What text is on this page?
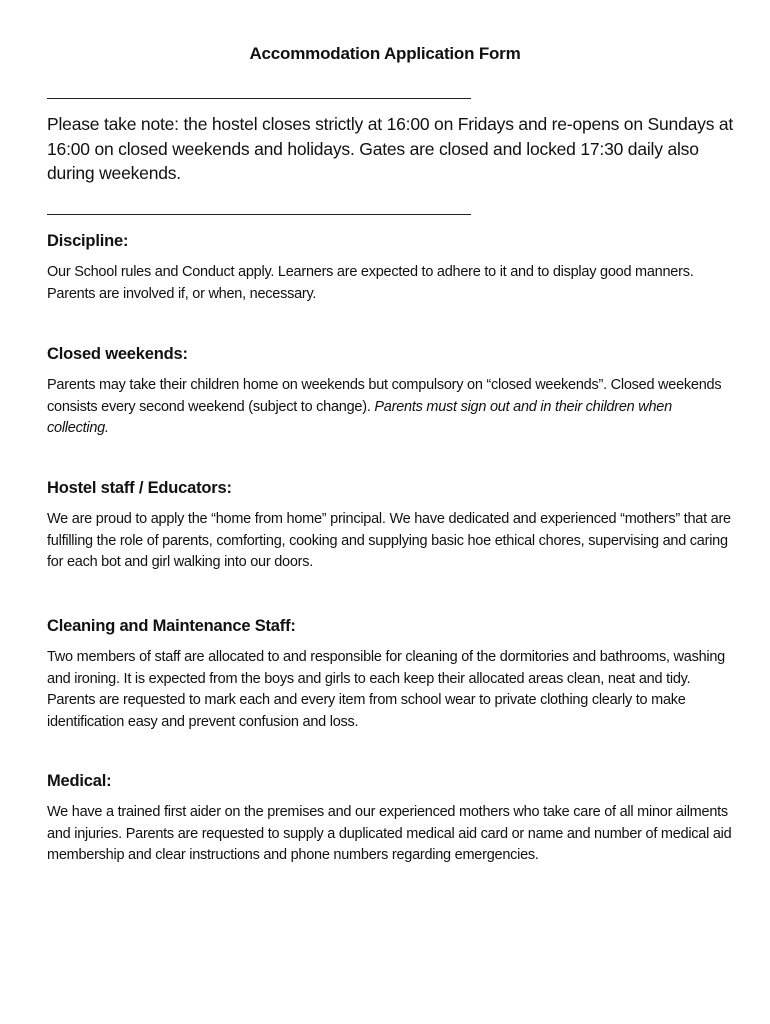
Accommodation Application Form

Please take note: the hostel closes strictly at 16:00 on Fridays and re-opens on Sundays at 16:00 on closed weekends and holidays. Gates are closed and locked 17:30 daily also during weekends.

Discipline:

Our School rules and Conduct apply. Learners are expected to adhere to it and to display good manners. Parents are involved if, or when, necessary.

Closed weekends:

Parents may take their children home on weekends but compulsory on “closed weekends”. Closed weekends consists every second weekend (subject to change). Parents must sign out and in their children when collecting.

Hostel staff / Educators:

We are proud to apply the “home from home” principal. We have dedicated and experienced “mothers” that are fulfilling the role of parents, comforting, cooking and supplying basic hoe ethical chores, supervising and caring for each bot and girl walking into our doors.

Cleaning and Maintenance Staff:

Two members of staff are allocated to and responsible for cleaning of the dormitories and bathrooms, washing and ironing. It is expected from the boys and girls to each keep their allocated areas clean, neat and tidy. Parents are requested to mark each and every item from school wear to private clothing clearly to make identification easy and prevent confusion and loss.

Medical:

We have a trained first aider on the premises and our experienced mothers who take care of all minor ailments and injuries. Parents are requested to supply a duplicated medical aid card or name and number of medical aid membership and clear instructions and phone numbers regarding emergencies.
